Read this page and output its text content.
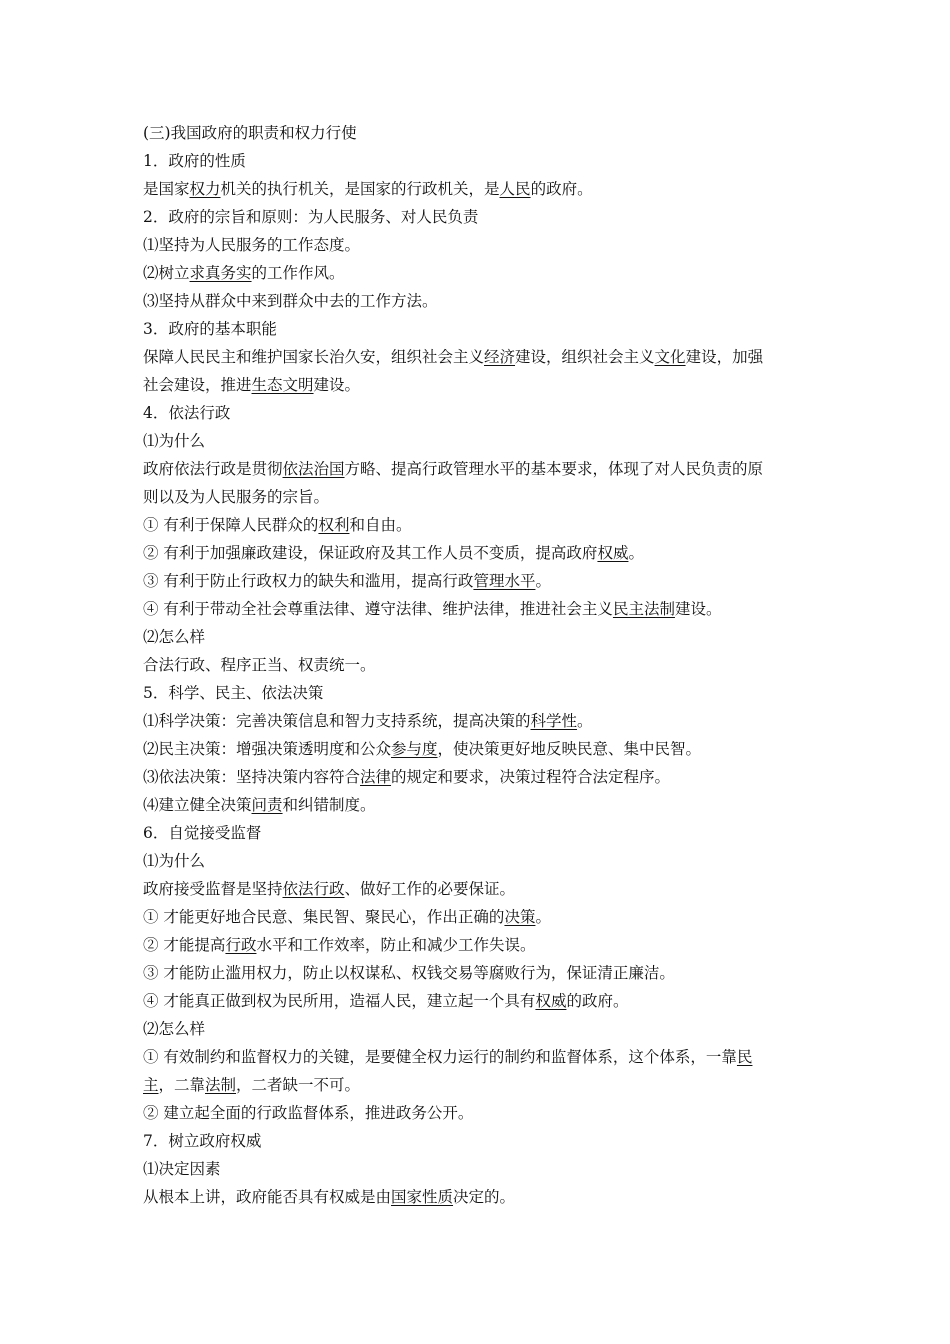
(三)我国政府的职责和权力行使

1．政府的性质

是国家权力机关的执行机关，是国家的行政机关，是人民的政府。

2．政府的宗旨和原则：为人民服务、对人民负责

⑴坚持为人民服务的工作态度。

⑵树立求真务实的工作作风。

⑶坚持从群众中来到群众中去的工作方法。

3．政府的基本职能

保障人民民主和维护国家长治久安，组织社会主义经济建设，组织社会主义文化建设，加强

社会建设，推进生态文明建设。

4．依法行政

⑴为什么

政府依法行政是贯彻依法治国方略、提高行政管理水平的基本要求，体现了对人民负责的原

则以及为人民服务的宗旨。

① 有利于保障人民群众的权利和自由。

② 有利于加强廉政建设，保证政府及其工作人员不变质，提高政府权威。

③ 有利于防止行政权力的缺失和滥用，提高行政管理水平。

④ 有利于带动全社会尊重法律、遵守法律、维护法律，推进社会主义民主法制建设。

⑵怎么样

合法行政、程序正当、权责统一。

5．科学、民主、依法决策

⑴科学决策：完善决策信息和智力支持系统，提高决策的科学性。

⑵民主决策：增强决策透明度和公众参与度，使决策更好地反映民意、集中民智。

⑶依法决策：坚持决策内容符合法律的规定和要求，决策过程符合法定程序。

⑷建立健全决策问责和纠错制度。

6．自觉接受监督

⑴为什么

政府接受监督是坚持依法行政、做好工作的必要保证。

① 才能更好地合民意、集民智、聚民心，作出正确的决策。

② 才能提高行政水平和工作效率，防止和减少工作失误。

③ 才能防止滥用权力，防止以权谋私、权钱交易等腐败行为，保证清正廉洁。

④ 才能真正做到权为民所用，造福人民，建立起一个具有权威的政府。

⑵怎么样

① 有效制约和监督权力的关键，是要健全权力运行的制约和监督体系，这个体系，一靠民

主，二靠法制，二者缺一不可。

② 建立起全面的行政监督体系，推进政务公开。

7．树立政府权威

⑴决定因素

从根本上讲，政府能否具有权威是由国家性质决定的。
